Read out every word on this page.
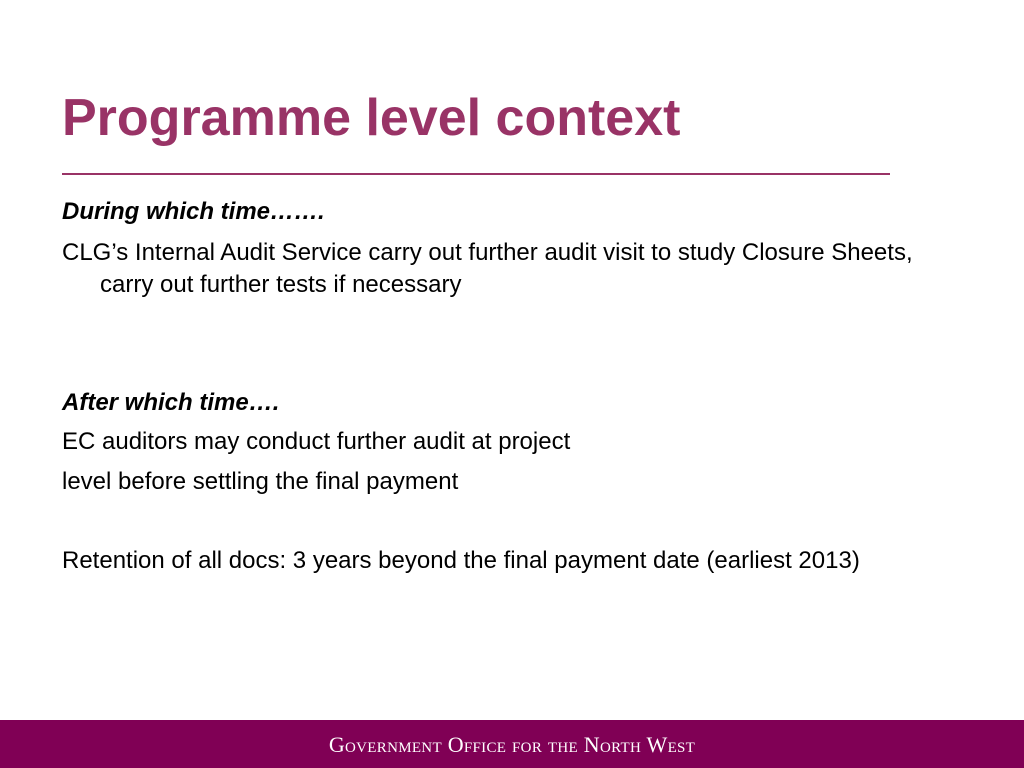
Programme level context
During which time…….
CLG’s Internal Audit Service carry out further audit visit to study Closure Sheets, carry out further tests if necessary
After which time….
EC auditors may conduct further audit at project
level before settling the final payment
Retention of all docs: 3 years beyond the final payment date (earliest 2013)
Government Office for the North West
